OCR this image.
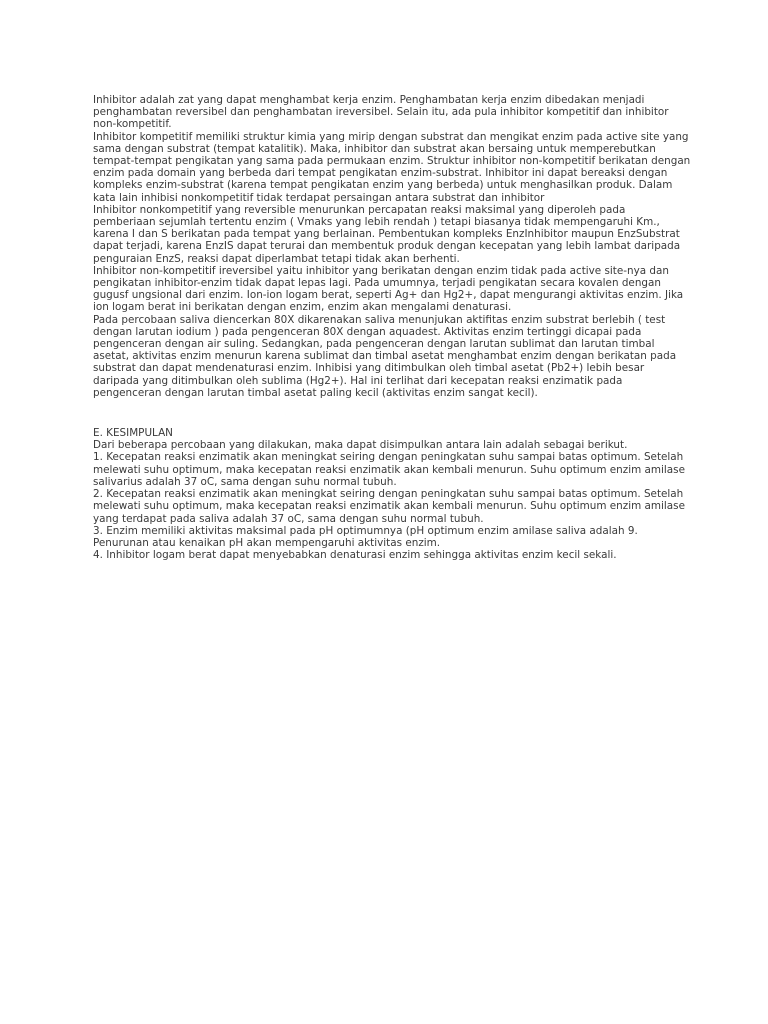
Inhibitor adalah zat yang dapat menghambat kerja enzim. Penghambatan kerja enzim dibedakan menjadi
penghambatan reversibel dan penghambatan ireversibel. Selain itu, ada pula inhibitor kompetitif dan inhibitor
non-kompetitif.
Inhibitor kompetitif memiliki struktur kimia yang mirip dengan substrat dan mengikat enzim pada active site yang
sama dengan substrat (tempat katalitik). Maka, inhibitor dan substrat akan bersaing untuk memperebutkan
tempat-tempat pengikatan yang sama pada permukaan enzim. Struktur inhibitor non-kompetitif berikatan dengan
enzim pada domain yang berbeda dari tempat pengikatan enzim-substrat. Inhibitor ini dapat bereaksi dengan
kompleks enzim-substrat (karena tempat pengikatan enzim yang berbeda) untuk menghasilkan produk. Dalam
kata lain inhibisi nonkompetitif tidak terdapat persaingan antara substrat dan inhibitor
Inhibitor nonkompetitif yang reversible menurunkan percapatan reaksi maksimal yang diperoleh pada
pemberiaan sejumlah tertentu enzim ( Vmaks yang lebih rendah ) tetapi biasanya tidak mempengaruhi Km.,
karena I dan S berikatan pada tempat yang berlainan. Pembentukan kompleks EnzInhibitor maupun EnzSubstrat
dapat terjadi, karena EnzIS dapat terurai dan membentuk produk dengan kecepatan yang lebih lambat daripada
penguraian EnzS, reaksi dapat diperlambat tetapi tidak akan berhenti.
Inhibitor non-kompetitif ireversibel yaitu inhibitor yang berikatan dengan enzim tidak pada active site-nya dan
pengikatan inhibitor-enzim tidak dapat lepas lagi. Pada umumnya, terjadi pengikatan secara kovalen dengan
gugusf ungsional dari enzim. Ion-ion logam berat, seperti Ag+ dan Hg2+, dapat mengurangi aktivitas enzim. Jika
ion logam berat ini berikatan dengan enzim, enzim akan mengalami denaturasi.
Pada percobaan saliva diencerkan 80X dikarenakan saliva menunjukan aktifitas enzim substrat berlebih ( test
dengan larutan iodium ) pada pengenceran 80X dengan aquadest. Aktivitas enzim tertinggi dicapai pada
pengenceran dengan air suling. Sedangkan, pada pengenceran dengan larutan sublimat dan larutan timbal
asetat, aktivitas enzim menurun karena sublimat dan timbal asetat menghambat enzim dengan berikatan pada
substrat dan dapat mendenaturasi enzim. Inhibisi yang ditimbulkan oleh timbal asetat (Pb2+) lebih besar
daripada yang ditimbulkan oleh sublima (Hg2+). Hal ini terlihat dari kecepatan reaksi enzimatik pada
pengenceran dengan larutan timbal asetat paling kecil (aktivitas enzim sangat kecil).
E. KESIMPULAN
Dari beberapa percobaan yang dilakukan, maka dapat disimpulkan antara lain adalah sebagai berikut.
1. Kecepatan reaksi enzimatik akan meningkat seiring dengan peningkatan suhu sampai batas optimum. Setelah
melewati suhu optimum, maka kecepatan reaksi enzimatik akan kembali menurun. Suhu optimum enzim amilase
salivarius adalah 37 oC, sama dengan suhu normal tubuh.
2. Kecepatan reaksi enzimatik akan meningkat seiring dengan peningkatan suhu sampai batas optimum. Setelah
melewati suhu optimum, maka kecepatan reaksi enzimatik akan kembali menurun. Suhu optimum enzim amilase
yang terdapat pada saliva adalah 37 oC, sama dengan suhu normal tubuh.
3. Enzim memiliki aktivitas maksimal pada pH optimumnya (pH optimum enzim amilase saliva adalah 9.
Penurunan atau kenaikan pH akan mempengaruhi aktivitas enzim.
4. Inhibitor logam berat dapat menyebabkan denaturasi enzim sehingga aktivitas enzim kecil sekali.
